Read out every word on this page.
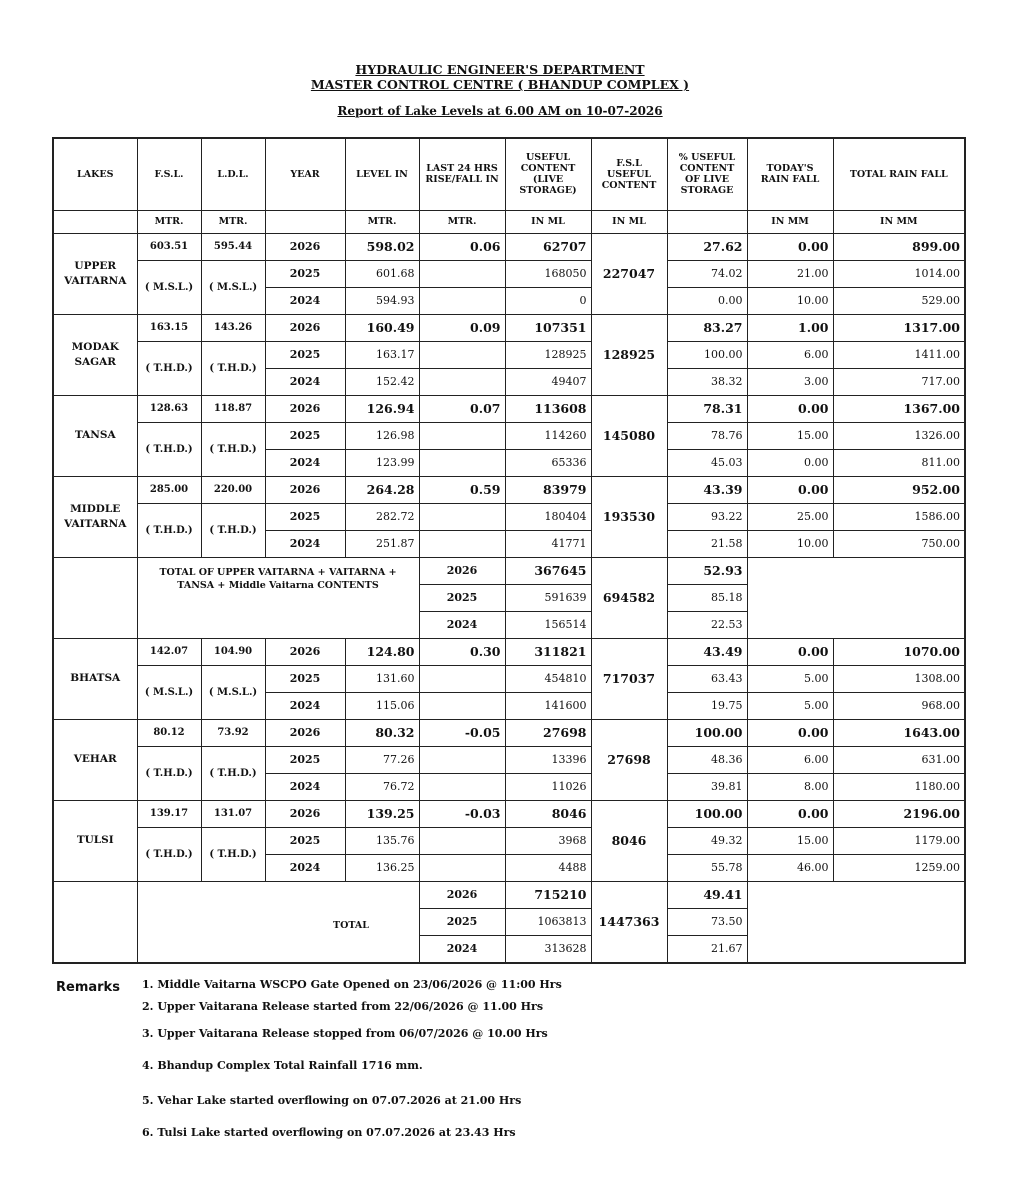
HYDRAULIC ENGINEER'S DEPARTMENT
MASTER CONTROL CENTRE ( BHANDUP COMPLEX )
Report of Lake Levels at 6.00 AM on 10-07-2026
LAKES	F.S.L.	L.D.L.	YEAR	LEVEL IN	LAST 24 HRS RISE/FALL IN	USEFUL CONTENT (LIVE STORAGE)	F.S.L USEFUL CONTENT	% USEFUL CONTENT OF LIVE STORAGE	TODAY'S RAIN FALL	TOTAL RAIN FALL
	MTR.	MTR.		MTR.	MTR.	IN ML	IN ML		IN MM	IN MM
UPPER VAITARNA	603.51	595.44	2026	598.02	0.06	62707	227047	27.62	0.00	899.00
	( M.S.L.)	( M.S.L.)	2025	601.68		168050		74.02	21.00	1014.00
			2024	594.93		0		0.00	10.00	529.00
MODAK SAGAR	163.15	143.26	2026	160.49	0.09	107351	128925	83.27	1.00	1317.00
	( T.H.D.)	( T.H.D.)	2025	163.17		128925		100.00	6.00	1411.00
			2024	152.42		49407		38.32	3.00	717.00
TANSA	128.63	118.87	2026	126.94	0.07	113608	145080	78.31	0.00	1367.00
	( T.H.D.)	( T.H.D.)	2025	126.98		114260		78.76	15.00	1326.00
			2024	123.99		65336		45.03	0.00	811.00
MIDDLE VAITARNA	285.00	220.00	2026	264.28	0.59	83979	193530	43.39	0.00	952.00
	( T.H.D.)	( T.H.D.)	2025	282.72		180404		93.22	25.00	1586.00
			2024	251.87		41771		21.58	10.00	750.00
	TOTAL OF UPPER VAITARNA + VAITARNA + TANSA + Middle Vaitarna CONTENTS				2026	367645	694582	52.93		
					2025	591639		85.18		
					2024	156514		22.53		
BHATSA	142.07	104.90	2026	124.80	0.30	311821	717037	43.49	0.00	1070.00
	( M.S.L.)	( M.S.L.)	2025	131.60		454810		63.43	5.00	1308.00
			2024	115.06		141600		19.75	5.00	968.00
VEHAR	80.12	73.92	2026	80.32	-0.05	27698	27698	100.00	0.00	1643.00
	( T.H.D.)	( T.H.D.)	2025	77.26		13396		48.36	6.00	631.00
			2024	76.72		11026		39.81	8.00	1180.00
TULSI	139.17	131.07	2026	139.25	-0.03	8046	8046	100.00	0.00	2196.00
	( T.H.D.)	( T.H.D.)	2025	135.76		3968		49.32	15.00	1179.00
			2024	136.25		4488		55.78	46.00	1259.00
	TOTAL				2026	715210	1447363	49.41		
					2025	1063813		73.50		
					2024	313628		21.67		
Remarks 1. Middle Vaitarna WSCPO Gate Opened on 23/06/2026 @ 11:00 Hrs
2. Upper Vaitarana Release started from 22/06/2026 @ 11.00 Hrs
3. Upper Vaitarana Release stopped from 06/07/2026 @ 10.00 Hrs
4. Bhandup Complex Total Rainfall 1716 mm.
5. Vehar Lake started overflowing on 07.07.2026 at 21.00 Hrs
6. Tulsi Lake started overflowing on 07.07.2026 at 23.43 Hrs
